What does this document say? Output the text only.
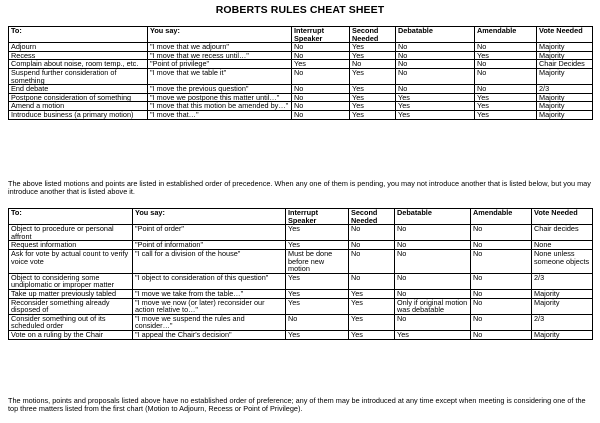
ROBERTS RULES CHEAT SHEET
To:	You say:	Interrupt Speaker	Second Needed	Debatable	Amendable	Vote Needed
Adjourn	"I move that we adjourn"	No	Yes	No	No	Majority
Recess	"I move that we recess until…"	No	Yes	No	Yes	Majority
Complain about noise, room temp., etc.	"Point of privilege"	Yes	No	No	No	Chair Decides
Suspend further consideration of something	"I move that we table it"	No	Yes	No	No	Majority
End debate	"I move the previous question"	No	Yes	No	No	2/3
Postpone consideration of something	"I move we postpone this matter until…"	No	Yes	Yes	Yes	Majority
Amend a motion	"I move that this motion be amended by…"	No	Yes	Yes	Yes	Majority
Introduce business (a primary motion)	"I move that…"	No	Yes	Yes	Yes	Majority
The above listed motions and points are listed in established order of precedence. When any one of them is pending, you may not introduce another that is listed below, but you may introduce another that is listed above it.
To:	You say:	Interrupt Speaker	Second Needed	Debatable	Amendable	Vote Needed
Object to procedure or personal affront	"Point of order"	Yes	No	No	No	Chair decides
Request information	"Point of information"	Yes	No	No	No	None
Ask for vote by actual count to verify voice vote	"I call for a division of the house"	Must be done before new motion	No	No	No	None unless someone objects
Object to considering some undiplomatic or improper matter	"I object to consideration of this question"	Yes	No	No	No	2/3
Take up matter previously tabled	"I move we take from the table…"	Yes	Yes	No	No	Majority
Reconsider something already disposed of	"I move we now (or later) reconsider our action relative to…"	Yes	Yes	Only if original motion was debatable	No	Majority
Consider something out of its scheduled order	"I move we suspend the rules and consider…"	No	Yes	No	No	2/3
Vote on a ruling by the Chair	"I appeal the Chair's decision"	Yes	Yes	Yes	No	Majority
The motions, points and proposals listed above have no established order of preference; any of them may be introduced at any time except when meeting is considering one of the top three matters listed from the first chart (Motion to Adjourn, Recess or Point of Privilege).
